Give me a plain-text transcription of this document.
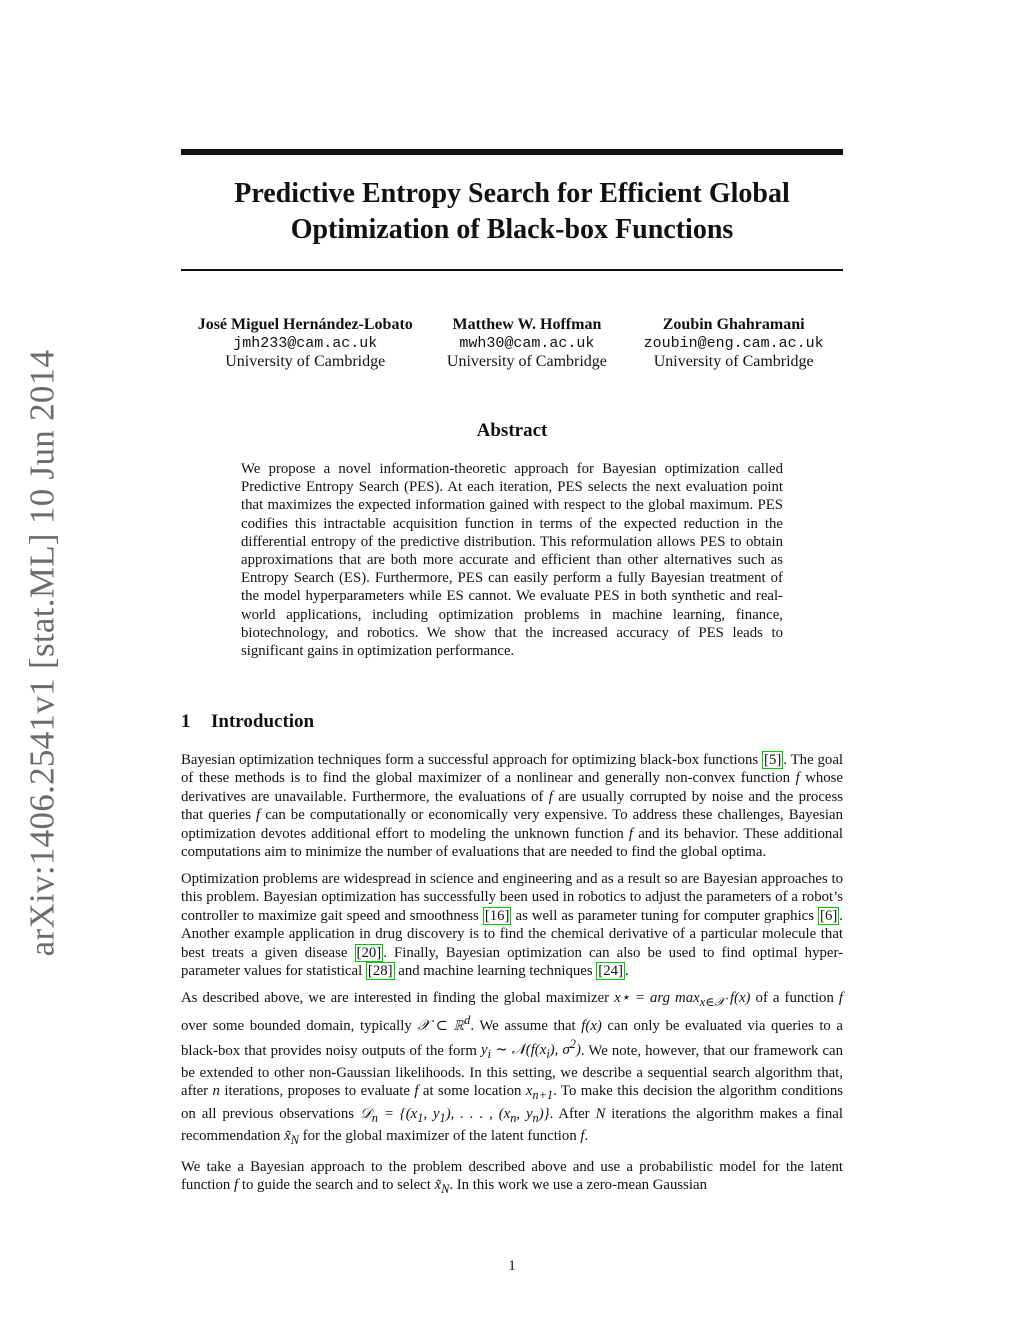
arXiv:1406.2541v1 [stat.ML] 10 Jun 2014
Predictive Entropy Search for Efficient Global
Optimization of Black-box Functions
José Miguel Hernández-Lobato
jmh233@cam.ac.uk
University of Cambridge
Matthew W. Hoffman
mwh30@cam.ac.uk
University of Cambridge
Zoubin Ghahramani
zoubin@eng.cam.ac.uk
University of Cambridge
Abstract
We propose a novel information-theoretic approach for Bayesian optimization called Predictive Entropy Search (PES). At each iteration, PES selects the next evaluation point that maximizes the expected information gained with respect to the global maximum. PES codifies this intractable acquisition function in terms of the expected reduction in the differential entropy of the predictive distribution. This reformulation allows PES to obtain approximations that are both more accurate and efficient than other alternatives such as Entropy Search (ES). Furthermore, PES can easily perform a fully Bayesian treatment of the model hyperparameters while ES cannot. We evaluate PES in both synthetic and real-world applications, including optimization problems in machine learning, finance, biotechnology, and robotics. We show that the increased accuracy of PES leads to significant gains in optimization performance.
1 Introduction

Bayesian optimization techniques form a successful approach for optimizing black-box functions [5] . The goal of these methods is to find the global maximizer of a nonlinear and generally non-convex function f whose derivatives are unavailable. Furthermore, the evaluations of f are usually corrupted by noise and the process that queries f can be computationally or economically very expensive. To address these challenges, Bayesian optimization devotes additional effort to modeling the unknown function f and its behavior. These additional computations aim to minimize the number of evaluations that are needed to find the global optima.

Optimization problems are widespread in science and engineering and as a result so are Bayesian approaches to this problem. Bayesian optimization has successfully been used in robotics to adjust the parameters of a robot’s controller to maximize gait speed and smoothness [16] as well as parameter tuning for computer graphics [6] . Another example application in drug discovery is to find the chemical derivative of a particular molecule that best treats a given disease [20] . Finally, Bayesian optimization can also be used to find optimal hyper-parameter values for statistical [28] and machine learning techniques [24] .

As described above, we are interested in finding the global maximizer x⋆ = arg $\max_{x\in 𝒳} f(x)$ of a function f over some bounded domain, typically 𝒳 ⊂ ℝ$^d$. We assume that f(x) can only be evaluated via queries to a black-box that provides noisy outputs of the form $y_i$ ∼ $𝒩(f(x_i)$, $\sigma^2$). We note, however, that our framework can be extended to other non-Gaussian likelihoods. In this setting, we describe a sequential search algorithm that, after n iterations, proposes to evaluate f at some location $x_{n+1}$. To make this decision the algorithm conditions on all previous observations 𝒟$_n$ = {($x_1$, $y_1$), . . . , ($x_n$, $y_n$)}. After N iterations the algorithm makes a final recommendation $x̃_N$ for the global maximizer of the latent function f.

We take a Bayesian approach to the problem described above and use a probabilistic model for the latent function f to guide the search and to select $x̃_N$. In this work we use a zero-mean Gaussian

1
